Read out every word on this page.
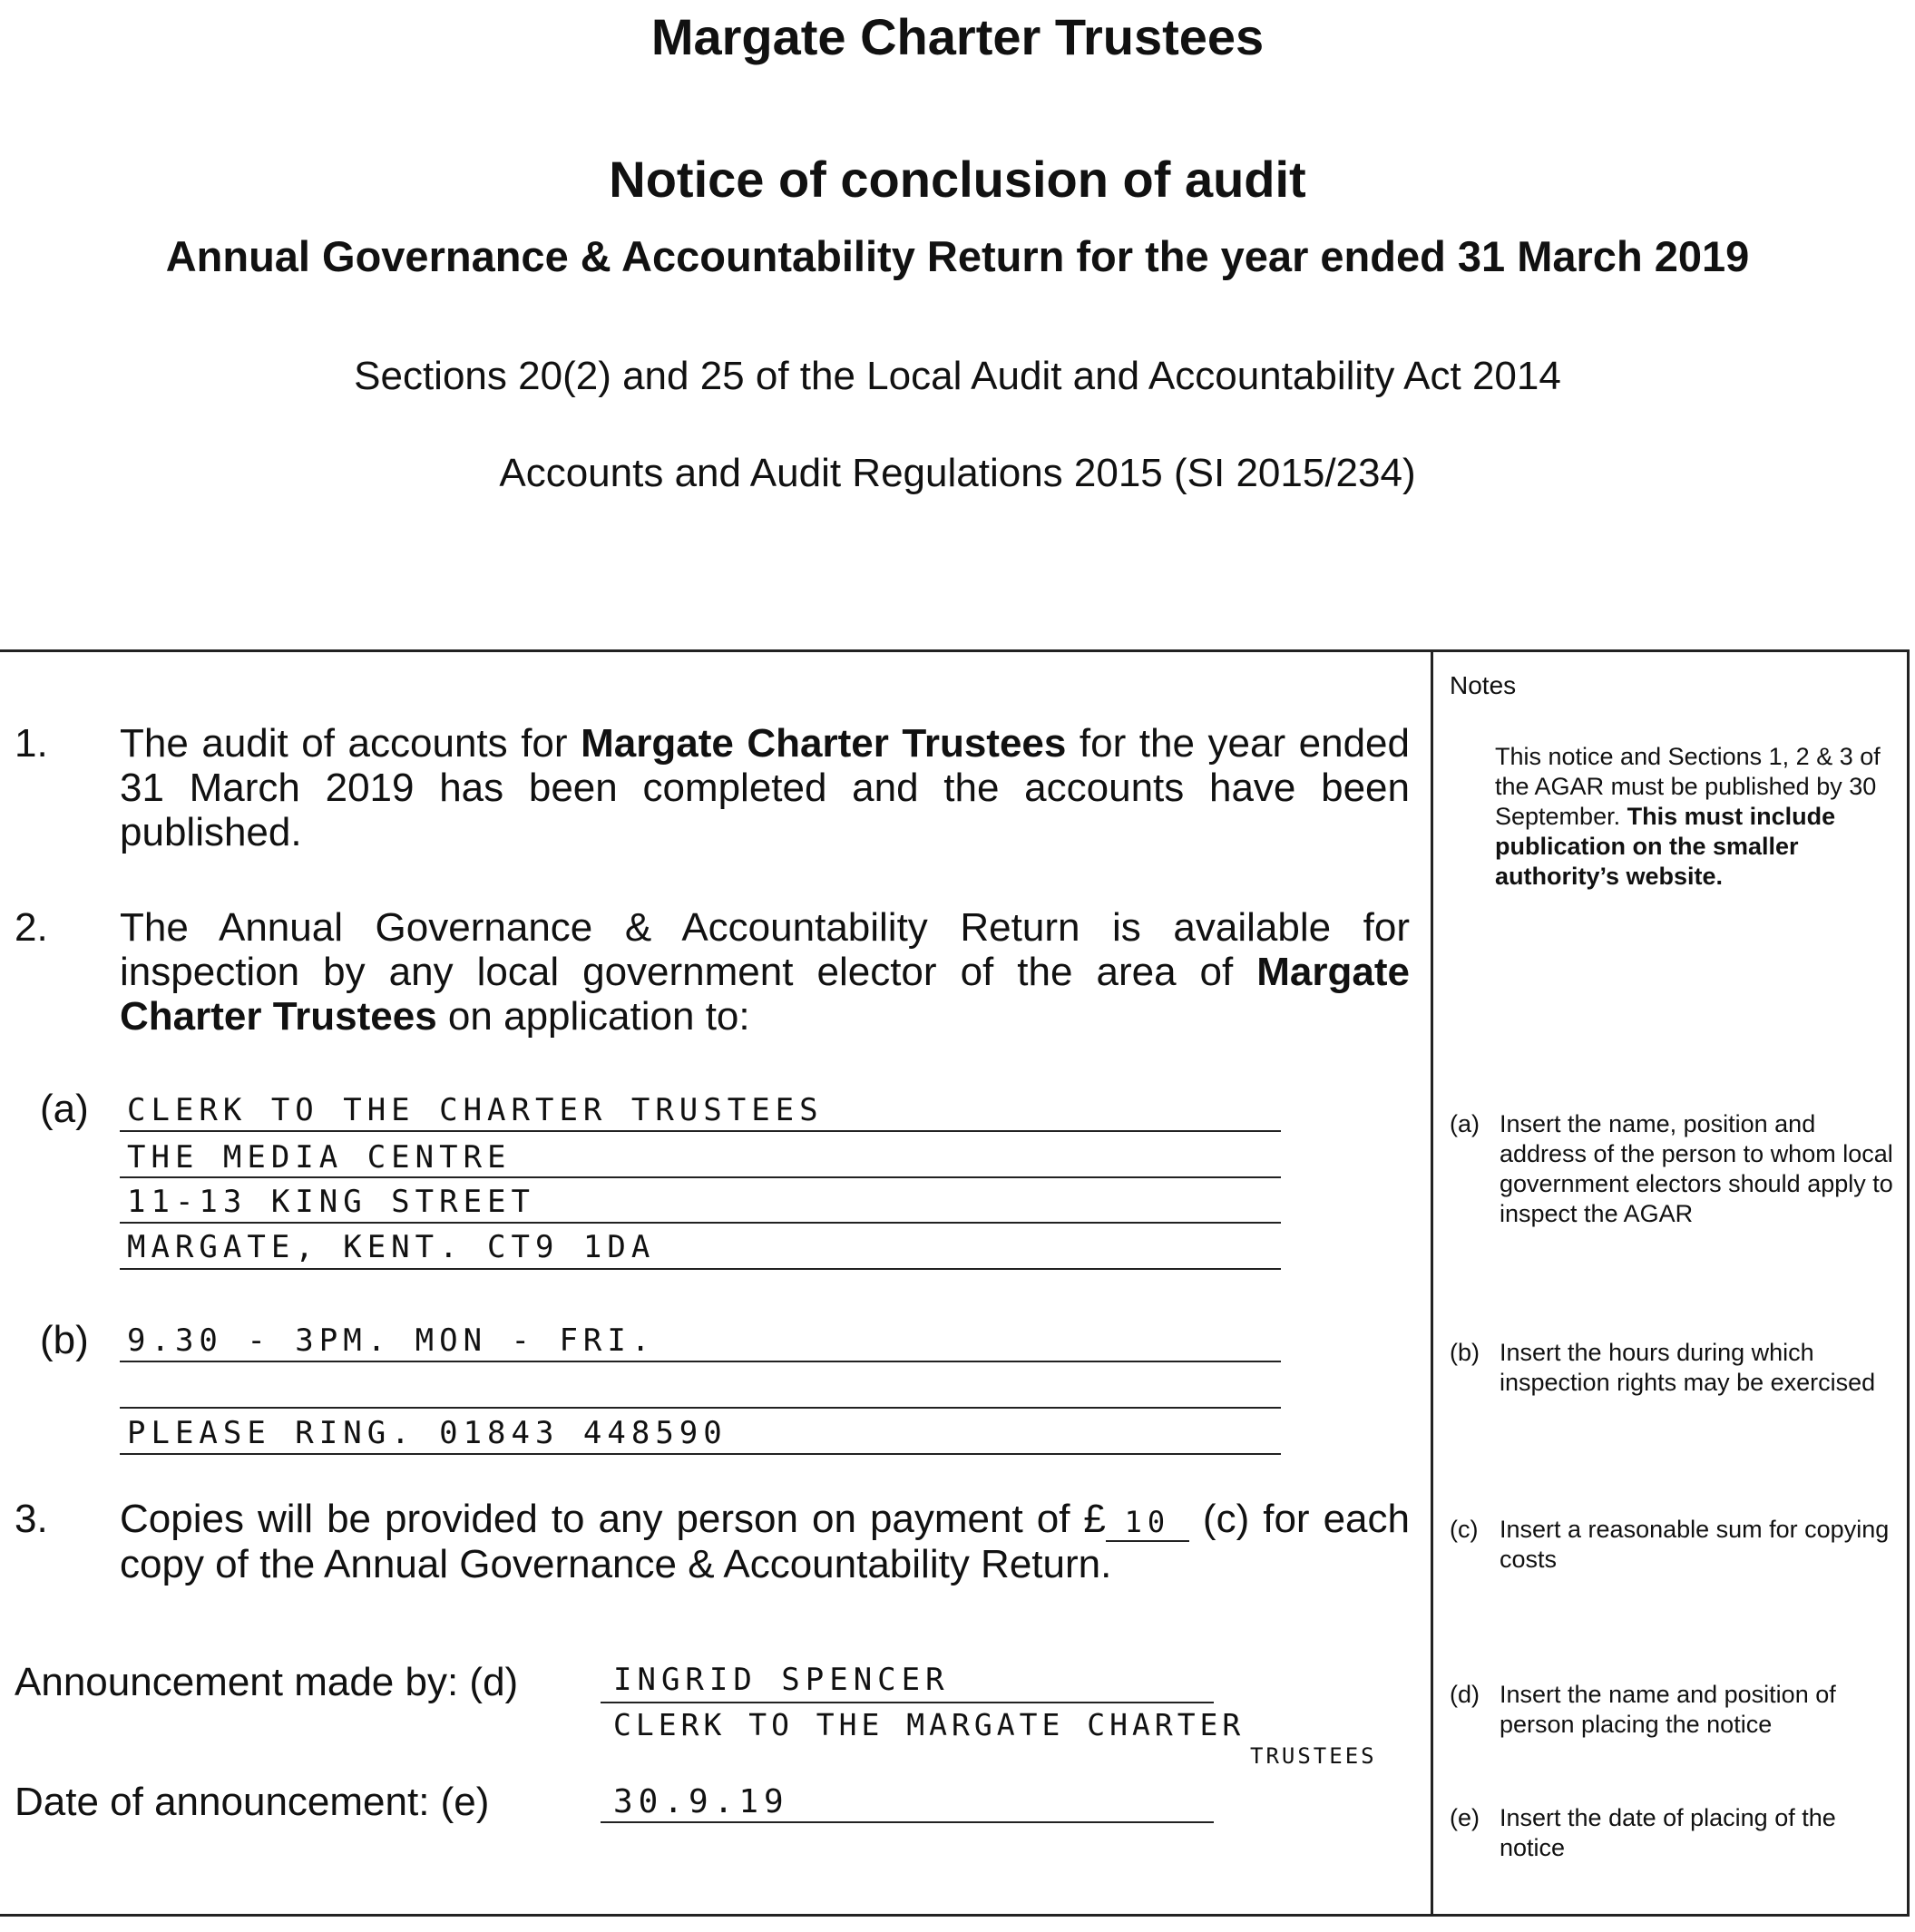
Margate Charter Trustees
Notice of conclusion of audit
Annual Governance & Accountability Return for the year ended 31 March 2019
Sections 20(2) and 25 of the Local Audit and Accountability Act 2014
Accounts and Audit Regulations 2015 (SI 2015/234)
1. The audit of accounts for Margate Charter Trustees for the year ended 31 March 2019 has been completed and the accounts have been published.
2. The Annual Governance & Accountability Return is available for inspection by any local government elector of the area of Margate Charter Trustees on application to:
(a) CLERK TO THE CHARTER TRUSTEES
THE MEDIA CENTRE
11-13 KING STREET
MARGATE, KENT. CT9 1DA
(b) 9.30 - 3PM. MON - FRI.
PLEASE RING. 01843 448590
3. Copies will be provided to any person on payment of £ 10 (c) for each copy of the Annual Governance & Accountability Return.
Announcement made by: (d)	INGRID SPENCER
CLERK TO THE MARGATE CHARTER
TRUSTEES
Date of announcement: (e)	30.9.19
Notes
This notice and Sections 1, 2 & 3 of the AGAR must be published by 30 September. This must include publication on the smaller authority’s website.
(a) Insert the name, position and address of the person to whom local government electors should apply to inspect the AGAR
(b) Insert the hours during which inspection rights may be exercised
(c) Insert a reasonable sum for copying costs
(d) Insert the name and position of person placing the notice
(e) Insert the date of placing of the notice
